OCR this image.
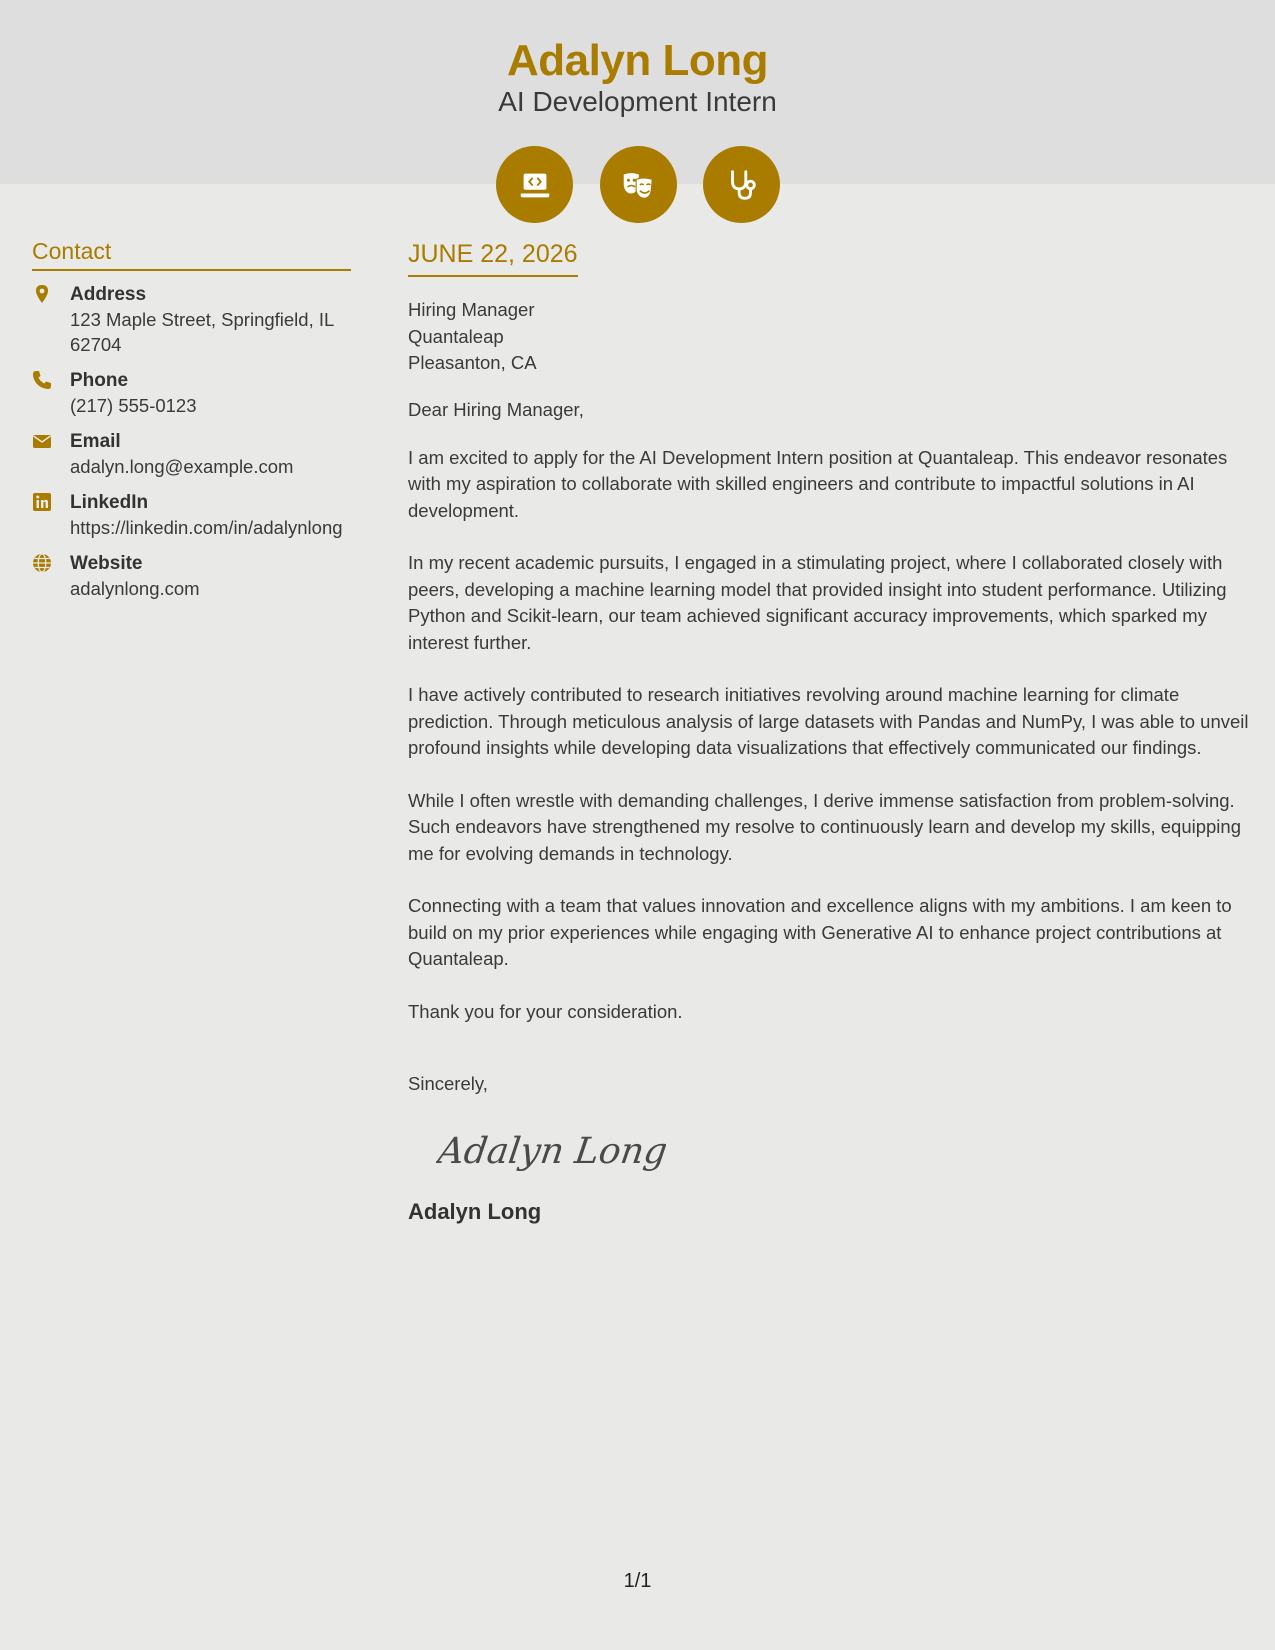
Adalyn Long
AI Development Intern
Contact
Address
123 Maple Street, Springfield, IL 62704
Phone
(217) 555-0123
Email
adalyn.long@example.com
LinkedIn
https://linkedin.com/in/adalynlong
Website
adalynlong.com
JUNE 22, 2026
Hiring Manager
Quantaleap
Pleasanton, CA
Dear Hiring Manager,

I am excited to apply for the AI Development Intern position at Quantaleap. This endeavor resonates with my aspiration to collaborate with skilled engineers and contribute to impactful solutions in AI development.

In my recent academic pursuits, I engaged in a stimulating project, where I collaborated closely with peers, developing a machine learning model that provided insight into student performance. Utilizing Python and Scikit-learn, our team achieved significant accuracy improvements, which sparked my interest further.

I have actively contributed to research initiatives revolving around machine learning for climate prediction. Through meticulous analysis of large datasets with Pandas and NumPy, I was able to unveil profound insights while developing data visualizations that effectively communicated our findings.

While I often wrestle with demanding challenges, I derive immense satisfaction from problem-solving. Such endeavors have strengthened my resolve to continuously learn and develop my skills, equipping me for evolving demands in technology.

Connecting with a team that values innovation and excellence aligns with my ambitions. I am keen to build on my prior experiences while engaging with Generative AI to enhance project contributions at Quantaleap.

Thank you for your consideration.

Sincerely,
Adalyn Long
Adalyn Long
1/1
